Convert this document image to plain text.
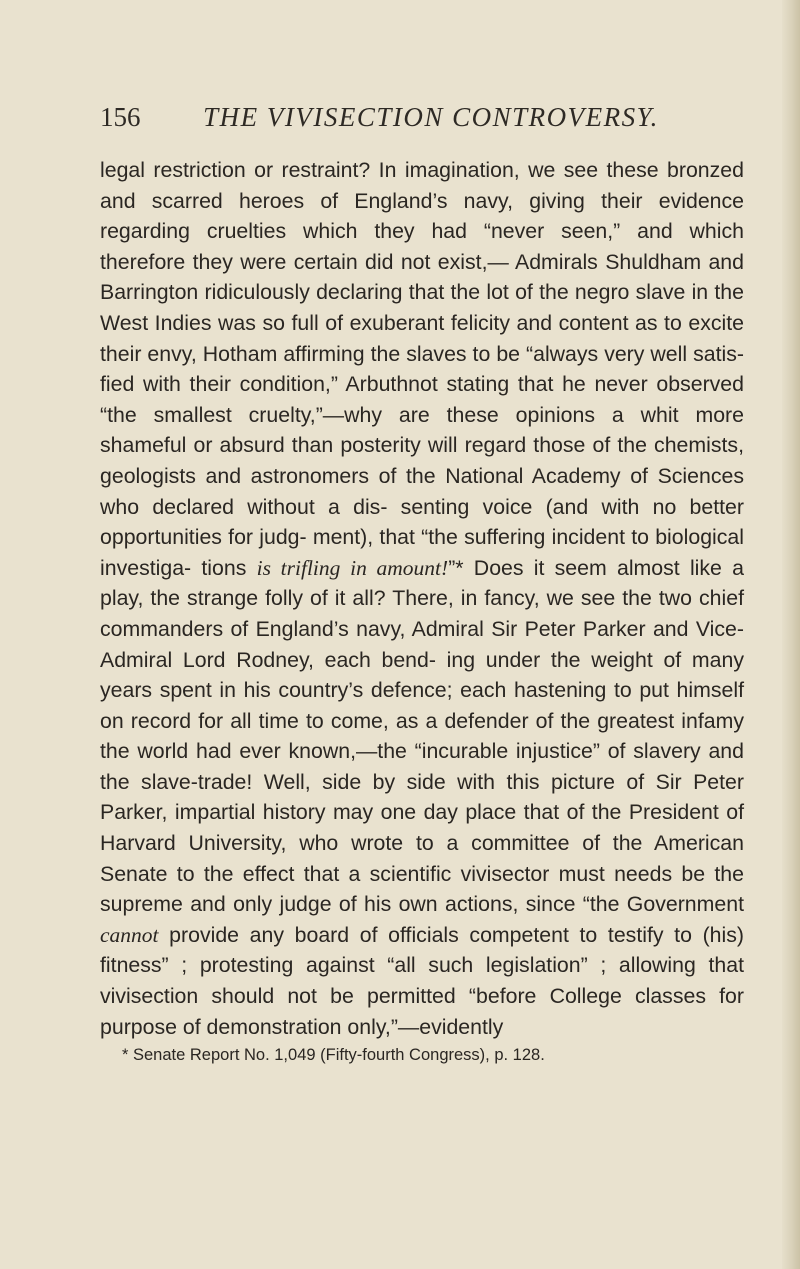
156	THE VIVISECTION CONTROVERSY.

legal restriction or restraint? In imagination, we see these bronzed and scarred heroes of England’s navy, giving their evidence regarding cruelties which they had “never seen,” and which therefore they were certain did not exist,— Admirals Shuldham and Barrington ridiculously declaring that the lot of the negro slave in the West Indies was so full of exuberant felicity and content as to excite their envy, Hotham affirming the slaves to be “always very well satis- fied with their condition,” Arbuthnot stating that he never observed “the smallest cruelty,”—why are these opinions a whit more shameful or absurd than posterity will regard those of the chemists, geologists and astronomers of the National Academy of Sciences who declared without a dis- senting voice (and with no better opportunities for judg- ment), that “the suffering incident to biological investiga- tions is trifling in amount!”* Does it seem almost like a play, the strange folly of it all? There, in fancy, we see the two chief commanders of England’s navy, Admiral Sir Peter Parker and Vice-Admiral Lord Rodney, each bend- ing under the weight of many years spent in his country’s defence; each hastening to put himself on record for all time to come, as a defender of the greatest infamy the world had ever known,—the “incurable injustice” of slavery and the slave-trade! Well, side by side with this picture of Sir Peter Parker, impartial history may one day place that of the President of Harvard University, who wrote to a committee of the American Senate to the effect that a scientific vivisector must needs be the supreme and only judge of his own actions, since “the Government cannot provide any board of officials competent to testify to (his) fitness” ; protesting against “all such legislation” ; allowing that vivisection should not be permitted “before College classes for purpose of demonstration only,”—evidently

* Senate Report No. 1,049 (Fifty-fourth Congress), p. 128.
